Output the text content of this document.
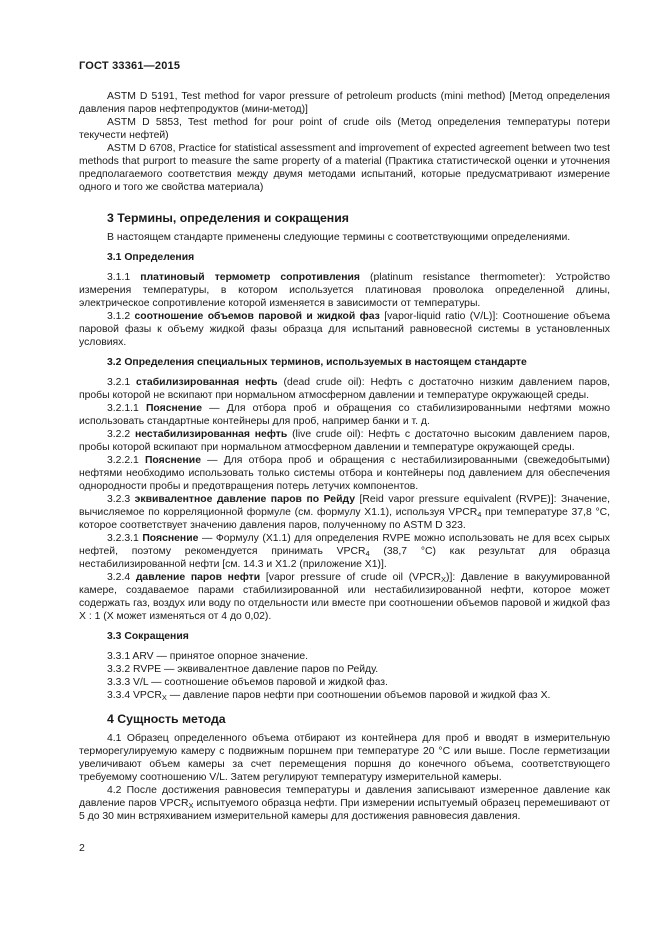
ГОСТ 33361—2015

ASTM D 5191, Test method for vapor pressure of petroleum products (mini method) [Метод определения давления паров нефтепродуктов (мини-метод)]

ASTM D 5853, Test method for pour point of crude oils (Метод определения температуры потери текучести нефтей)

ASTM D 6708, Practice for statistical assessment and improvement of expected agreement between two test methods that purport to measure the same property of a material (Практика статистической оценки и уточнения предполагаемого соответствия между двумя методами испытаний, которые предусматривают измерение одного и того же свойства материала)

3 Термины, определения и сокращения

В настоящем стандарте применены следующие термины с соответствующими определениями.

3.1 Определения

3.1.1 платиновый термометр сопротивления (platinum resistance thermometer): Устройство измерения температуры, в котором используется платиновая проволока определенной длины, электрическое сопротивление которой изменяется в зависимости от температуры.

3.1.2 соотношение объемов паровой и жидкой фаз [vapor-liquid ratio (V/L)]: Соотношение объема паровой фазы к объему жидкой фазы образца для испытаний равновесной системы в установленных условиях.

3.2 Определения специальных терминов, используемых в настоящем стандарте

3.2.1 стабилизированная нефть (dead crude oil): Нефть с достаточно низким давлением паров, пробы которой не вскипают при нормальном атмосферном давлении и температуре окружающей среды.

3.2.1.1 Пояснение — Для отбора проб и обращения со стабилизированными нефтями можно использовать стандартные контейнеры для проб, например банки и т. д.

3.2.2 нестабилизированная нефть (live crude oil): Нефть с достаточно высоким давлением паров, пробы которой вскипают при нормальном атмосферном давлении и температуре окружающей среды.

3.2.2.1 Пояснение — Для отбора проб и обращения с нестабилизированными (свежедобытыми) нефтями необходимо использовать только системы отбора и контейнеры под давлением для обеспечения однородности пробы и предотвращения потерь летучих компонентов.

3.2.3 эквивалентное давление паров по Рейду [Reid vapor pressure equivalent (RVPE)]: Значение, вычисляемое по корреляционной формуле (см. формулу X1.1), используя $VPCR_4$ при температуре 37,8 °С, которое соответствует значению давления паров, полученному по ASTM D 323.

3.2.3.1 Пояснение — Формулу (X1.1) для определения RVPE можно использовать не для всех сырых нефтей, поэтому рекомендуется принимать $VPCR_4$ (38,7 °С) как результат для образца нестабилизированной нефти [см. 14.3 и X1.2 (приложение X1)].

3.2.4 давление паров нефти [vapor pressure of crude oil $(VPCR_X)$]: Давление в вакуумированной камере, создаваемое парами стабилизированной или нестабилизированной нефти, которое может содержать газ, воздух или воду по отдельности или вместе при соотношении объемов паровой и жидкой фаз X : 1 (X может изменяться от 4 до 0,02).

3.3 Сокращения

3.3.1 ARV — принятое опорное значение.

3.3.2 RVPE — эквивалентное давление паров по Рейду.

3.3.3 V/L — соотношение объемов паровой и жидкой фаз.

3.3.4 $VPCR_X$ — давление паров нефти при соотношении объемов паровой и жидкой фаз X.

4 Сущность метода

4.1 Образец определенного объема отбирают из контейнера для проб и вводят в измерительную терморегулируемую камеру с подвижным поршнем при температуре 20 °С или выше. После герметизации увеличивают объем камеры за счет перемещения поршня до конечного объема, соответствующего требуемому соотношению V/L. Затем регулируют температуру измерительной камеры.

4.2 После достижения равновесия температуры и давления записывают измеренное давление как давление паров $VPCR_X$ испытуемого образца нефти. При измерении испытуемый образец перемешивают от 5 до 30 мин встряхиванием измерительной камеры для достижения равновесия давления.

2
